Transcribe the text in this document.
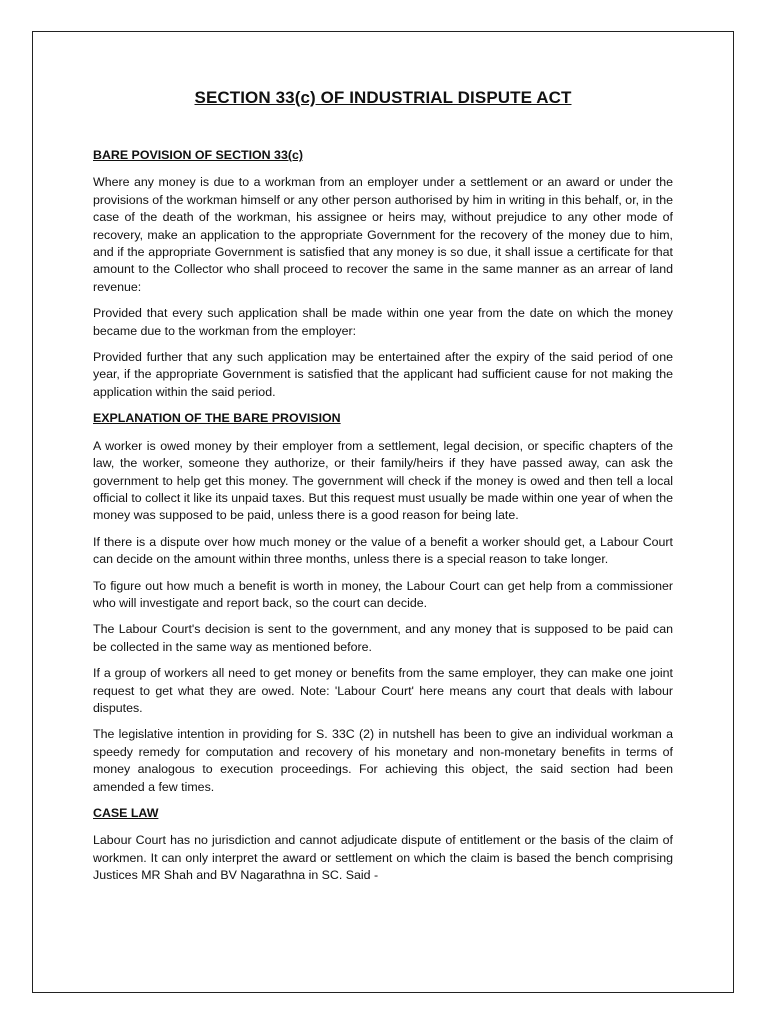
SECTION 33(c) OF INDUSTRIAL DISPUTE ACT
BARE POVISION OF SECTION 33(c)

Where any money is due to a workman from an employer under a settlement or an award or under the provisions of the workman himself or any other person authorised by him in writing in this behalf, or, in the case of the death of the workman, his assignee or heirs may, without prejudice to any other mode of recovery, make an application to the appropriate Government for the recovery of the money due to him, and if the appropriate Government is satisfied that any money is so due, it shall issue a certificate for that amount to the Collector who shall proceed to recover the same in the same manner as an arrear of land revenue:

Provided that every such application shall be made within one year from the date on which the money became due to the workman from the employer:

Provided further that any such application may be entertained after the expiry of the said period of one year, if the appropriate Government is satisfied that the applicant had sufficient cause for not making the application within the said period.

EXPLANATION OF THE BARE PROVISION

A worker is owed money by their employer from a settlement, legal decision, or specific chapters of the law, the worker, someone they authorize, or their family/heirs if they have passed away, can ask the government to help get this money. The government will check if the money is owed and then tell a local official to collect it like its unpaid taxes. But this request must usually be made within one year of when the money was supposed to be paid, unless there is a good reason for being late.

If there is a dispute over how much money or the value of a benefit a worker should get, a Labour Court can decide on the amount within three months, unless there is a special reason to take longer.

To figure out how much a benefit is worth in money, the Labour Court can get help from a commissioner who will investigate and report back, so the court can decide.

The Labour Court's decision is sent to the government, and any money that is supposed to be paid can be collected in the same way as mentioned before.

If a group of workers all need to get money or benefits from the same employer, they can make one joint request to get what they are owed. Note: 'Labour Court' here means any court that deals with labour disputes.

The legislative intention in providing for S. 33C (2) in nutshell has been to give an individual workman a speedy remedy for computation and recovery of his monetary and non-monetary benefits in terms of money analogous to execution proceedings. For achieving this object, the said section had been amended a few times.

CASE LAW

Labour Court has no jurisdiction and cannot adjudicate dispute of entitlement or the basis of the claim of workmen. It can only interpret the award or settlement on which the claim is based the bench comprising Justices MR Shah and BV Nagarathna in SC. Said -
